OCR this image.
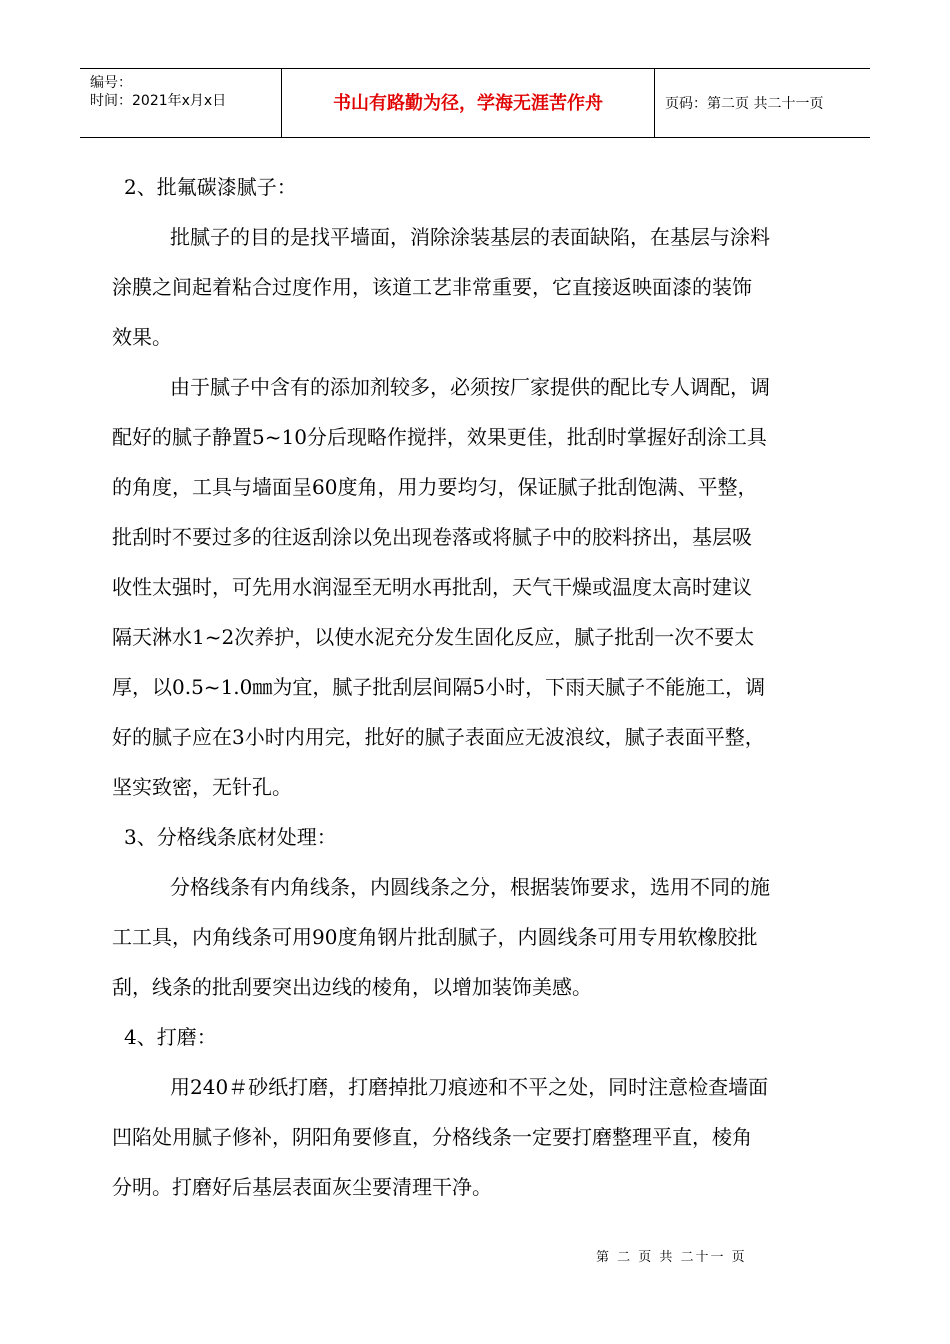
编号：
时间：2021年x月x日	书山有路勤为径，学海无涯苦作舟	页码：第二页 共二十一页
2、批氟碳漆腻子：
批腻子的目的是找平墙面，消除涂装基层的表面缺陷，在基层与涂料
涂膜之间起着粘合过度作用，该道工艺非常重要，它直接返映面漆的装饰
效果。
由于腻子中含有的添加剂较多，必须按厂家提供的配比专人调配，调
配好的腻子静置5~10分后现略作搅拌，效果更佳，批刮时掌握好刮涂工具
的角度，工具与墙面呈60度角，用力要均匀，保证腻子批刮饱满、平整，
批刮时不要过多的往返刮涂以免出现卷落或将腻子中的胶料挤出，基层吸
收性太强时，可先用水润湿至无明水再批刮，天气干燥或温度太高时建议
隔天淋水1~2次养护，以使水泥充分发生固化反应，腻子批刮一次不要太
厚，以0.5~1.0㎜为宜，腻子批刮层间隔5小时，下雨天腻子不能施工，调
好的腻子应在3小时内用完，批好的腻子表面应无波浪纹，腻子表面平整，
坚实致密，无针孔。
3、分格线条底材处理：
分格线条有内角线条，内圆线条之分，根据装饰要求，选用不同的施
工工具，内角线条可用90度角钢片批刮腻子，内圆线条可用专用软橡胶批
刮，线条的批刮要突出边线的棱角，以增加装饰美感。
4、打磨：
用240＃砂纸打磨，打磨掉批刀痕迹和不平之处，同时注意检查墙面
凹陷处用腻子修补，阴阳角要修直，分格线条一定要打磨整理平直，棱角
分明。打磨好后基层表面灰尘要清理干净。
第 二 页 共 二十一 页
